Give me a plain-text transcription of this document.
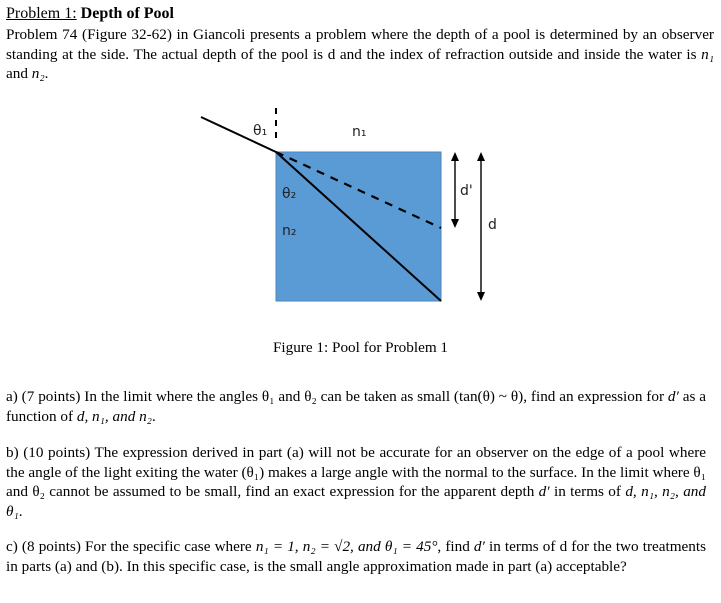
Problem 1: Depth of Pool

Problem 74 (Figure 32-62) in Giancoli presents a problem where the depth of a pool is determined by an observer standing at the side. The actual depth of the pool is d and the index of refraction outside and inside the water is n₁ and n₂.

θ₁	n₁
θ₂
n₂
d'
d
Figure 1: Pool for Problem 1

a) (7 points) In the limit where the angles θ₁ and θ₂ can be taken as small (tan(θ) ~ θ), find an expression for d′ as a function of d, n₁, and n₂.

b) (10 points) The expression derived in part (a) will not be accurate for an observer on the edge of a pool where the angle of the light exiting the water (θ₁) makes a large angle with the normal to the surface. In the limit where θ₁ and θ₂ cannot be assumed to be small, find an exact expression for the apparent depth d′ in terms of d, n₁, n₂, and θ₁.

c) (8 points) For the specific case where n₁ = 1, n₂ = √2, and θ₁ = 45°, find d′ in terms of d for the two treatments in parts (a) and (b). In this specific case, is the small angle approximation made in part (a) acceptable?
